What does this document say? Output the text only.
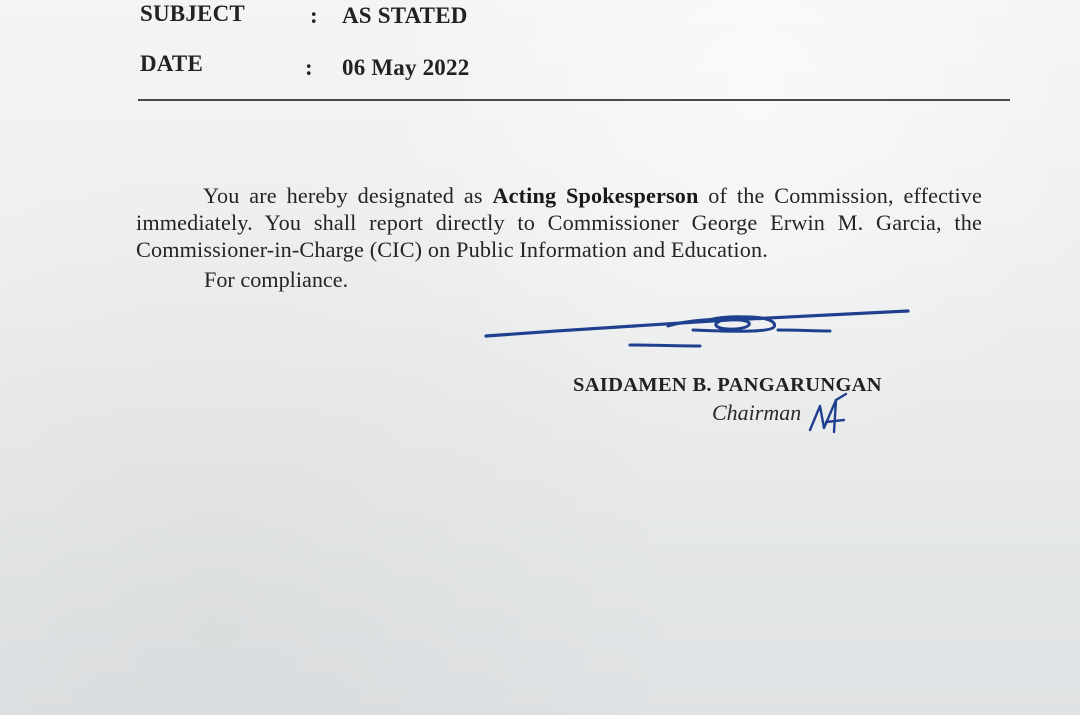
SUBJECT	: AS STATED
DATE	: 06 May 2022

You are hereby designated as Acting Spokesperson of the Commission, effective immediately. You shall report directly to Commissioner George Erwin M. Garcia, the Commissioner-in-Charge (CIC) on Public Information and Education.

For compliance.
SAIDAMEN B. PANGARUNGAN
Chairman
